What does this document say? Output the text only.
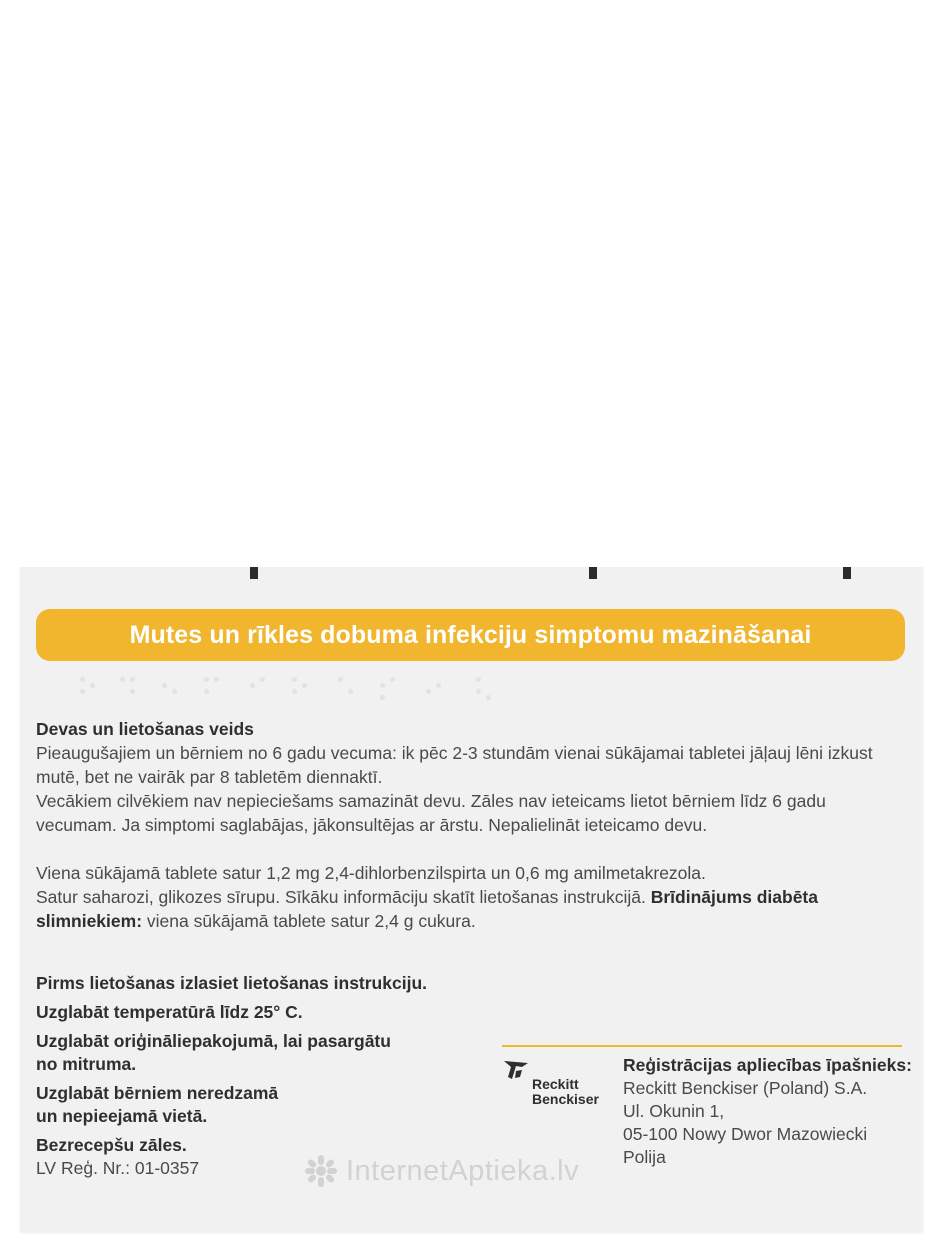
Mutes un rīkles dobuma infekciju simptomu mazināšanai

Devas un lietošanas veids

Pieaugušajiem un bērniem no 6 gadu vecuma: ik pēc 2-3 stundām vienai sūkājamai tabletei jāļauj lēni izkust mutē, bet ne vairāk par 8 tabletēm diennaktī.

Vecākiem cilvēkiem nav nepieciešams samazināt devu. Zāles nav ieteicams lietot bērniem līdz 6 gadu vecumam. Ja simptomi saglabājas, jākonsultējas ar ārstu. Nepalielināt ieteicamo devu.

Viena sūkājamā tablete satur 1,2 mg 2,4-dihlorbenzilspirta un 0,6 mg amilmetakrezola.

Satur saharozi, glikozes sīrupu. Sīkāku informāciju skatīt lietošanas instrukcijā. Brīdinājums diabēta slimniekiem: viena sūkājamā tablete satur 2,4 g cukura.

Pirms lietošanas izlasiet lietošanas instrukciju.

Uzglabāt temperatūrā līdz 25° C.

Uzglabāt oriģināliepakojumā, lai pasargātu no mitruma.

Uzglabāt bērniem neredzamā un nepieejamā vietā.

Bezrecepšu zāles.

LV Reģ. Nr.: 01-0357

Reckitt
Benckiser

Reģistrācijas apliecības īpašnieks:

Reckitt Benckiser (Poland) S.A.

Ul. Okunin 1,

05-100 Nowy Dwor Mazowiecki

Polija

InternetAptieka.lv
